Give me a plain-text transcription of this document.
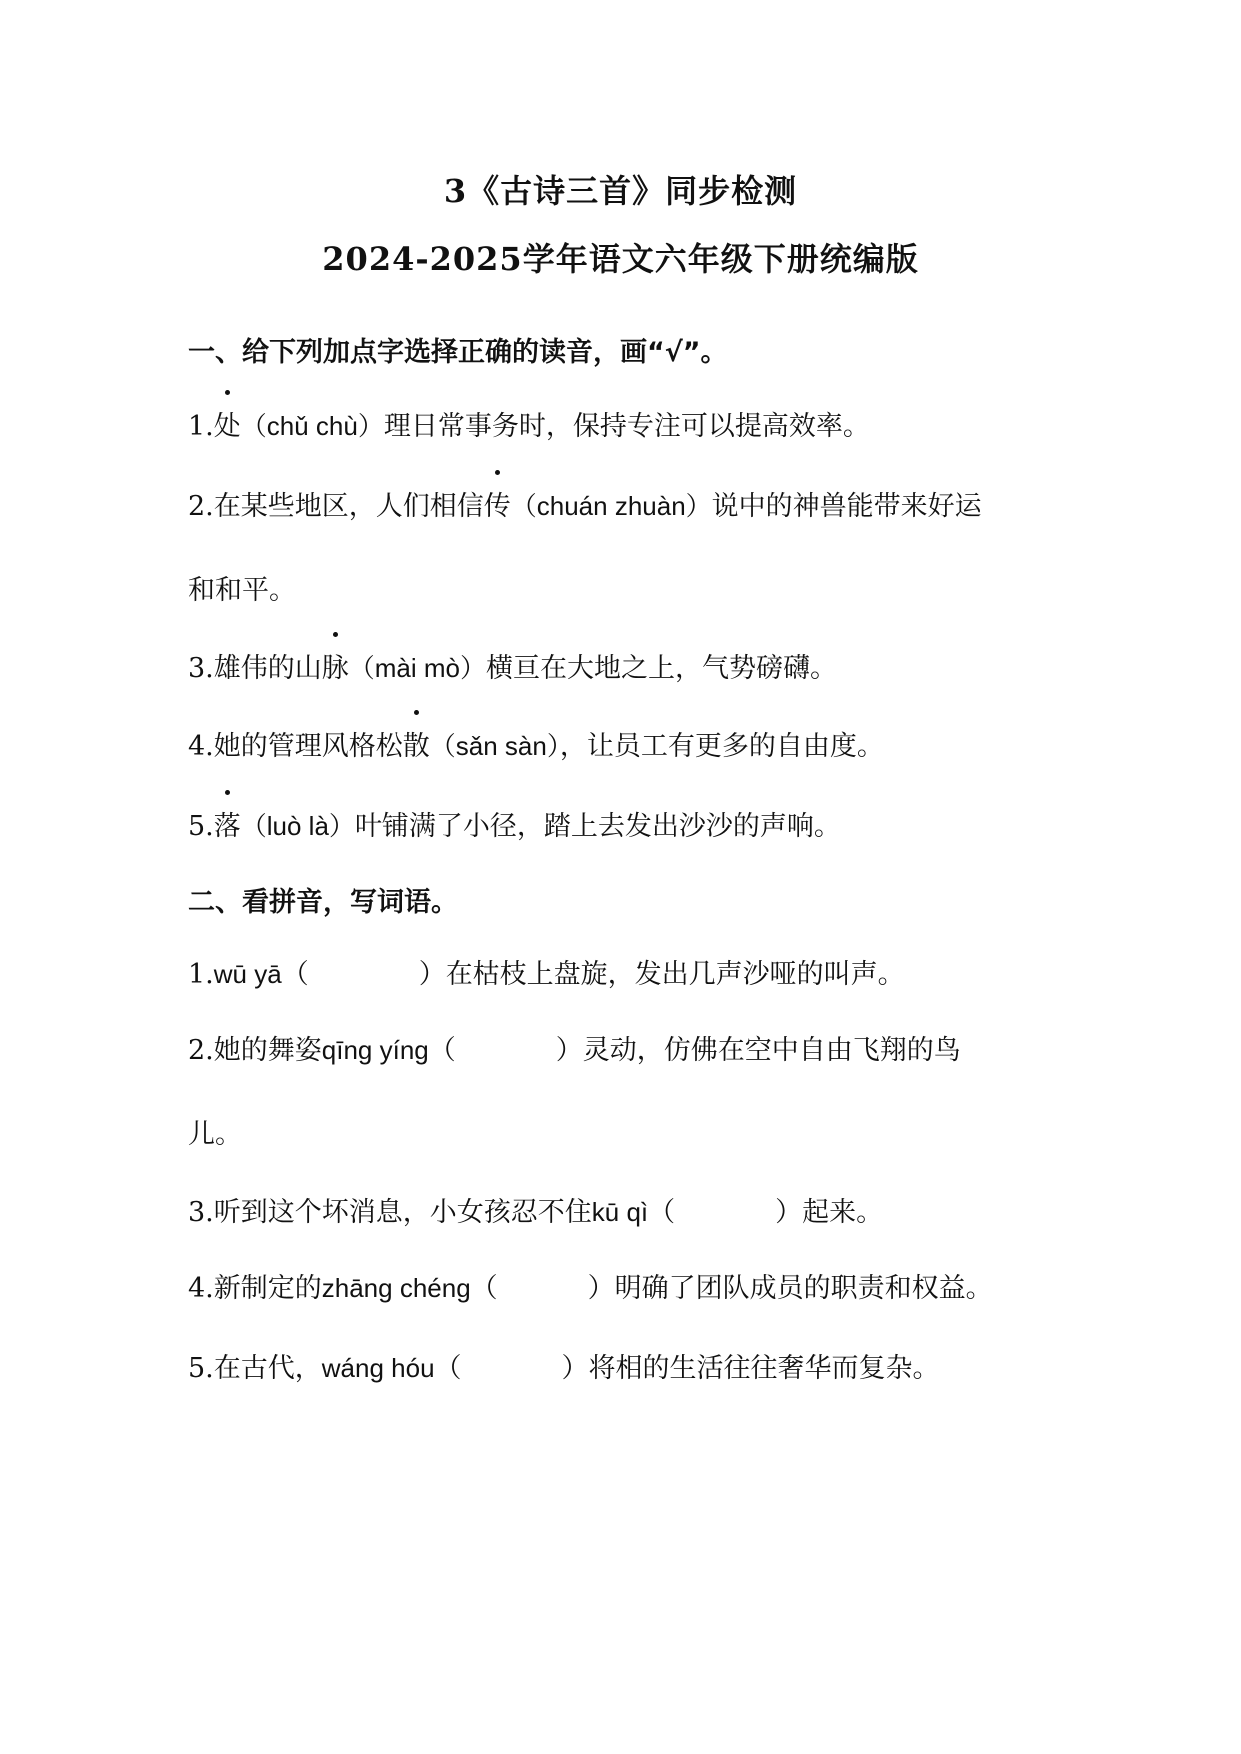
3《古诗三首》同步检测
2024-2025学年语文六年级下册统编版
一、给下列加点字选择正确的读音，画“√”。
1.处（chǔ chù）理日常事务时，保持专注可以提高效率。
2.在某些地区，人们相信传（chuán zhuàn）说中的神兽能带来好运
和和平。
3.雄伟的山脉（mài mò）横亘在大地之上，气势磅礴。
4.她的管理风格松散（sǎn sàn），让员工有更多的自由度。
5.落（luò là）叶铺满了小径，踏上去发出沙沙的声响。
二、看拼音，写词语。
1.wū yā（	）在枯枝上盘旋，发出几声沙哑的叫声。
2.她的舞姿qīng yíng（	）灵动，仿佛在空中自由飞翔的鸟
儿。
3.听到这个坏消息，小女孩忍不住kū qì（	）起来。
4.新制定的zhāng chéng（	）明确了团队成员的职责和权益。
5.在古代，wáng hóu（	）将相的生活往往奢华而复杂。
